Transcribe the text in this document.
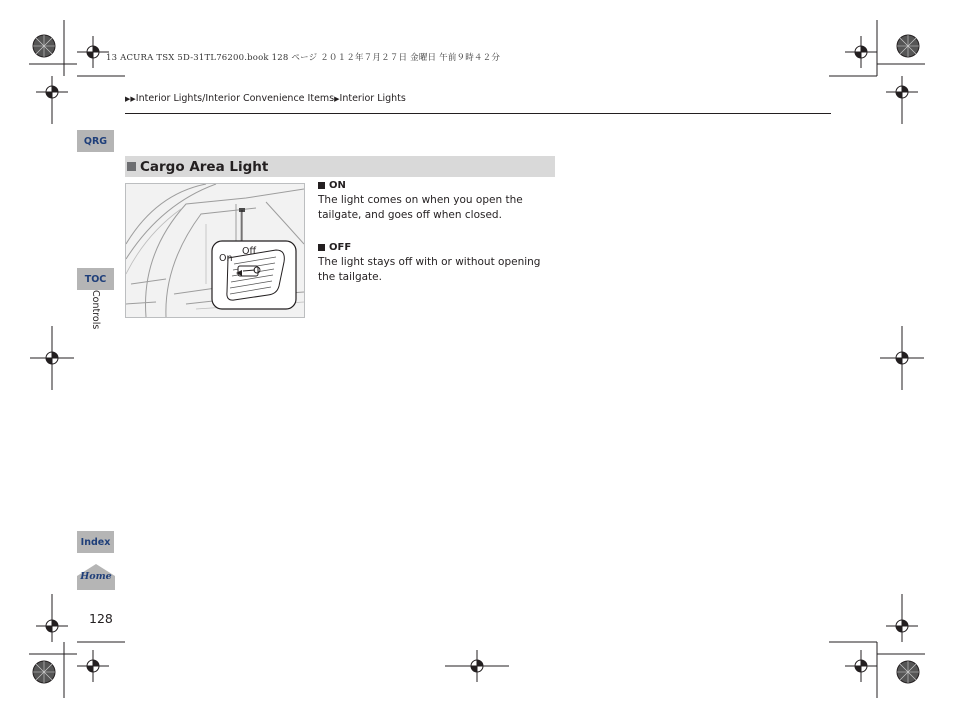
13 ACURA TSX 5D-31TL76200.book 128 ページ ２０１２年７月２７日 金曜日 午前９時４２分
▶▶Interior Lights/Interior Convenience Items▶Interior Lights
QRG
TOC
Controls
Index
Home
Cargo Area Light
On
Off
ON
The light comes on when you open the tailgate, and goes off when closed.
OFF
The light stays off with or without opening the tailgate.
128
